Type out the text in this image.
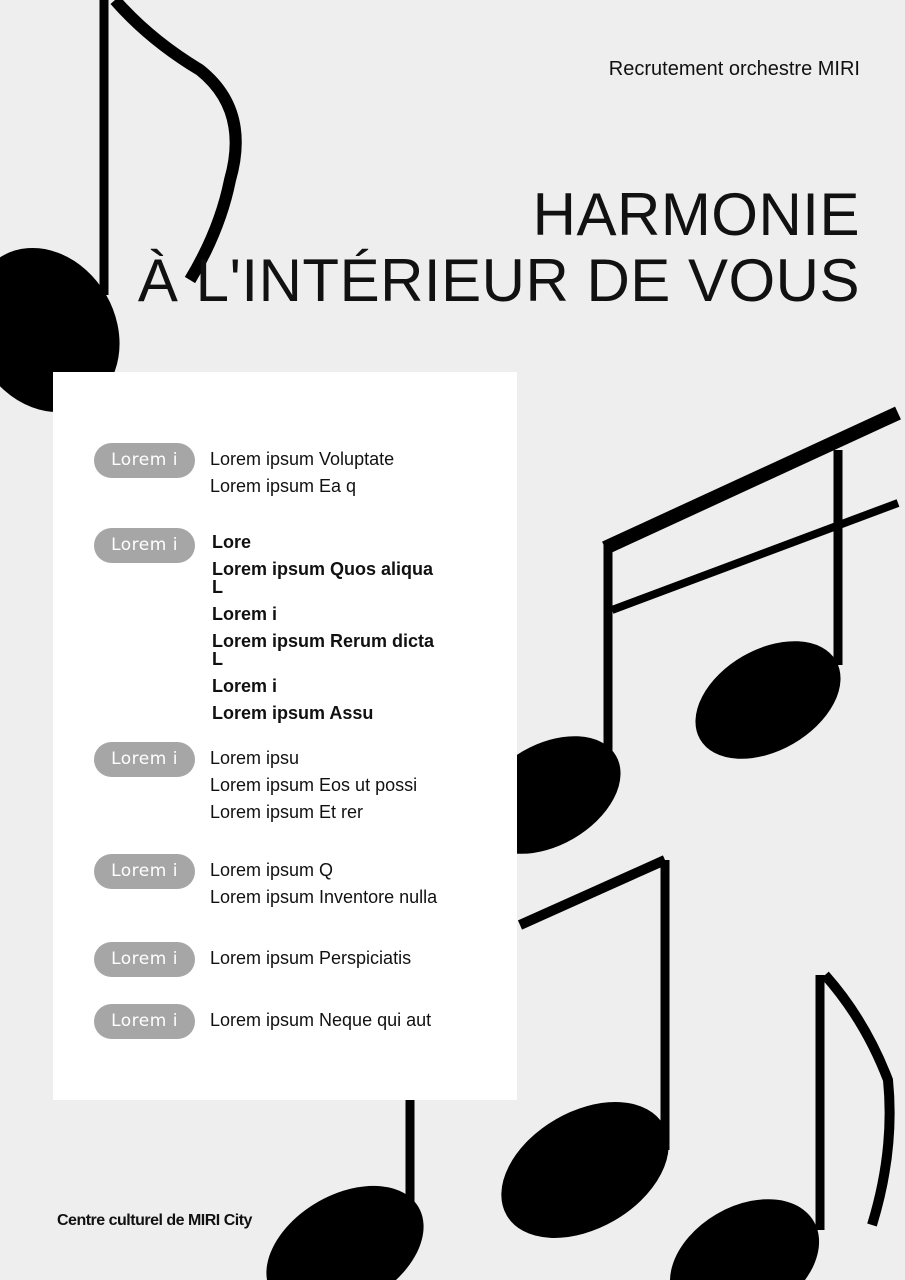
Recrutement orchestre MIRI
HARMONIE
À L'INTÉRIEUR DE VOUS
Lorem i	Lorem ipsum Voluptate
Lorem ipsum Ea q
Lorem i	Lore
Lorem ipsum Quos aliqua L
Lorem i
Lorem ipsum Rerum dicta L
Lorem i
Lorem ipsum Assu
Lorem i	Lorem ipsu
Lorem ipsum Eos ut possi
Lorem ipsum Et rer
Lorem i	Lorem ipsum Q
Lorem ipsum Inventore nulla
Lorem i	Lorem ipsum Perspiciatis
Lorem i	Lorem ipsum Neque qui aut
Centre culturel de MIRI City
